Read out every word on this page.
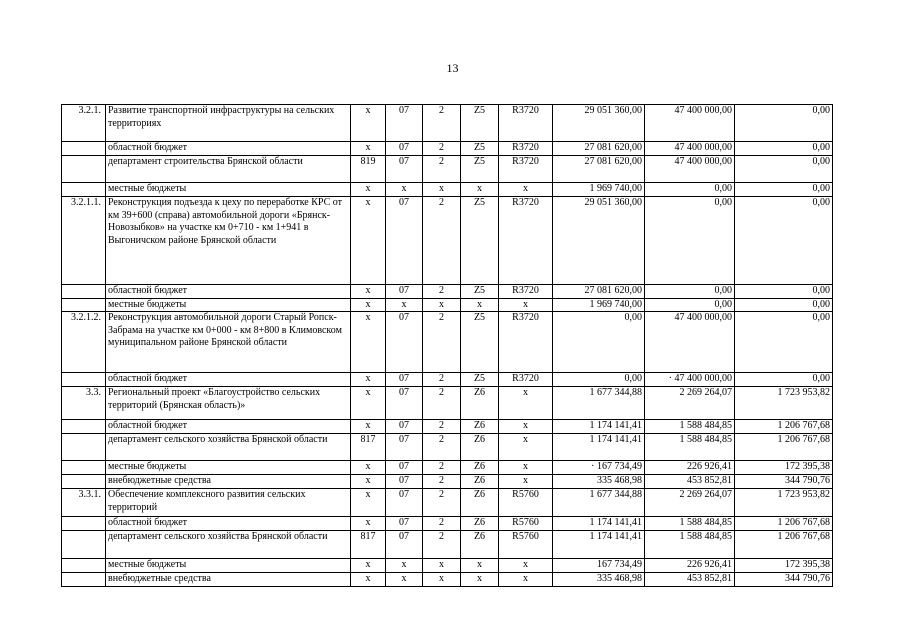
13
3.2.1.	Развитие транспортной инфраструктуры на сельских территориях	x	07	2	Z5	R3720	29 051 360,00	47 400 000,00	0,00
	областной бюджет	x	07	2	Z5	R3720	27 081 620,00	47 400 000,00	0,00
	департамент строительства Брянской области	819	07	2	Z5	R3720	27 081 620,00	47 400 000,00	0,00
	местные бюджеты	x	x	x	x	x	1 969 740,00	0,00	0,00
3.2.1.1.	Реконструкция подъезда к цеху по переработке КРС от км 39+600 (справа) автомобильной дороги «Брянск-Новозыбков» на участке км 0+710 - км 1+941 в Выгоничском районе Брянской области	x	07	2	Z5	R3720	29 051 360,00	0,00	0,00
	областной бюджет	x	07	2	Z5	R3720	27 081 620,00	0,00	0,00
	местные бюджеты	x	x	x	x	x	1 969 740,00	0,00	0,00
3.2.1.2.	Реконструкция автомобильной дороги Старый Ропск-Забрама на участке км 0+000 - км 8+800 в Климовском муниципальном районе Брянской области	x	07	2	Z5	R3720	0,00	47 400 000,00	0,00
	областной бюджет	x	07	2	Z5	R3720	0,00	· 47 400 000,00	0,00
3.3.	Региональный проект «Благоустройство сельских территорий (Брянская область)»	x	07	2	Z6	x	1 677 344,88	2 269 264,07	1 723 953,82
	областной бюджет	x	07	2	Z6	x	1 174 141,41	1 588 484,85	1 206 767,68
	департамент сельского хозяйства Брянской области	817	07	2	Z6	x	1 174 141,41	1 588 484,85	1 206 767,68
	местные бюджеты	x	07	2	Z6	x	· 167 734,49	226 926,41	172 395,38
	внебюджетные средства	x	07	2	Z6	x	335 468,98	453 852,81	344 790,76
3.3.1.	Обеспечение комплексного развития сельских территорий	x	07	2	Z6	R5760	1 677 344,88	2 269 264,07	1 723 953,82
	областной бюджет	x	07	2	Z6	R5760	1 174 141,41	1 588 484,85	1 206 767,68
	департамент сельского хозяйства Брянской области	817	07	2	Z6	R5760	1 174 141,41	1 588 484,85	1 206 767,68
	местные бюджеты	x	x	x	x	x	167 734,49	226 926,41	172 395,38
	внебюджетные средства	x	x	x	x	x	335 468,98	453 852,81	344 790,76
